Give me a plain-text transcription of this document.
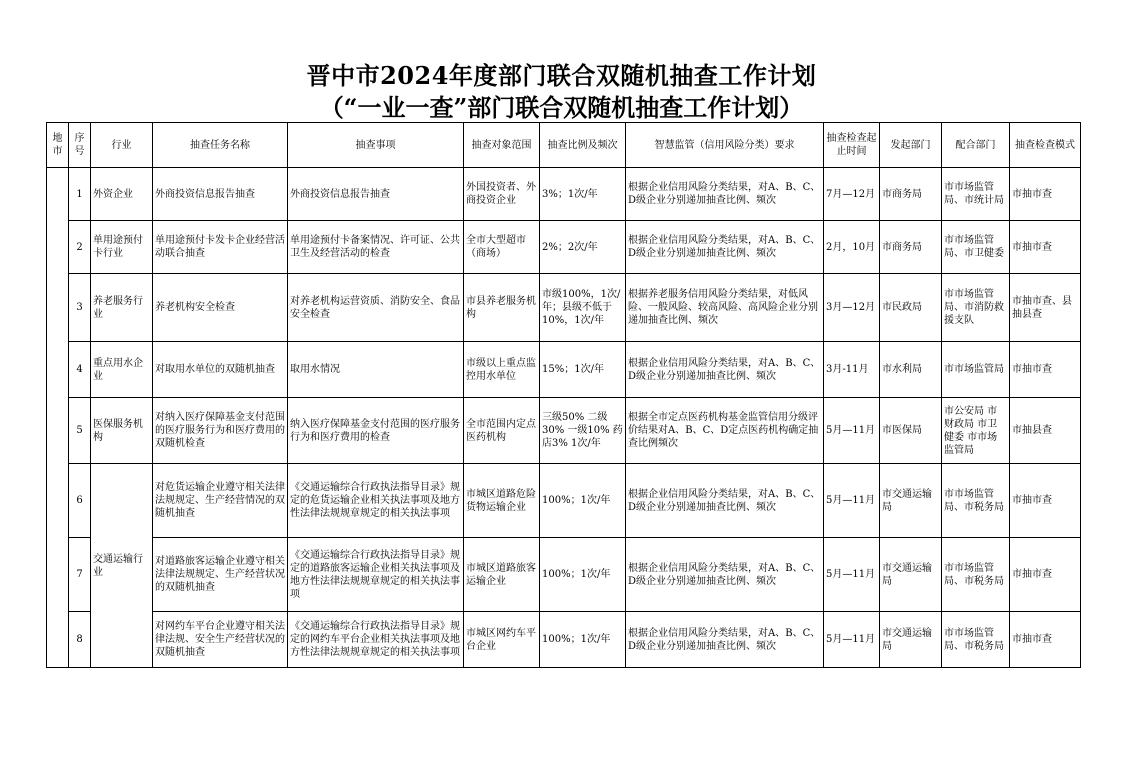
晋中市2024年度部门联合双随机抽查工作计划
（“一业一查”部门联合双随机抽查工作计划）
地市	序号	行业	抽查任务名称	抽查事项	抽查对象范围	抽查比例及频次	智慧监管（信用风险分类）要求	抽查检查起止时间	发起部门	配合部门	抽查检查模式
	1	外资企业	外商投资信息报告抽查	外商投资信息报告抽查	外国投资者、外商投资企业	3%；1次/年	根据企业信用风险分类结果，对A、B、C、D级企业分别递加抽查比例、频次	7月—12月	市商务局	市市场监管局、市统计局	市抽市查
	2	单用途预付卡行业	单用途预付卡发卡企业经营活动联合抽查	单用途预付卡备案情况、许可证、公共卫生及经营活动的检查	全市大型超市（商场）	2%；2次/年	根据企业信用风险分类结果，对A、B、C、D级企业分别递加抽查比例、频次	2月，10月	市商务局	市市场监管局、市卫健委	市抽市查
	3	养老服务行业	养老机构安全检查	对养老机构运营资质、消防安全、食品安全检查	市县养老服务机构	市级100%，1次/年；县级不低于10%，1次/年	根据养老服务信用风险分类结果，对低风险、一般风险、较高风险、高风险企业分别递加抽查比例、频次	3月—12月	市民政局	市市场监管局、市消防救援支队	市抽市查、县抽县查
	4	重点用水企业	对取用水单位的双随机抽查	取用水情况	市级以上重点监控用水单位	15%；1次/年	根据企业信用风险分类结果，对A、B、C、D级企业分别递加抽查比例、频次	3月-11月	市水利局	市市场监管局	市抽市查
	5	医保服务机构	对纳入医疗保障基金支付范围的医疗服务行为和医疗费用的双随机检查	纳入医疗保障基金支付范围的医疗服务行为和医疗费用的检查	全市范围内定点医药机构	三级50% 二级30% 一级10% 药店3% 1次/年	根据全市定点医药机构基金监管信用分级评价结果对A、B、C、D定点医药机构确定抽查比例频次	5月—11月	市医保局	市公安局 市财政局 市卫健委 市市场监管局	市抽县查
	6	交通运输行业	对危货运输企业遵守相关法律法规规定、生产经营情况的双随机抽查	《交通运输综合行政执法指导目录》规定的危货运输企业相关执法事项及地方性法律法规规章规定的相关执法事项	市城区道路危险货物运输企业	100%；1次/年	根据企业信用风险分类结果，对A、B、C、D级企业分别递加抽查比例、频次	5月—11月	市交通运输局	市市场监管局、市税务局	市抽市查
	7		对道路旅客运输企业遵守相关法律法规规定、生产经营状况的双随机抽查	《交通运输综合行政执法指导目录》规定的道路旅客运输企业相关执法事项及地方性法律法规规章规定的相关执法事项	市城区道路旅客运输企业	100%；1次/年	根据企业信用风险分类结果，对A、B、C、D级企业分别递加抽查比例、频次	5月—11月	市交通运输局	市市场监管局、市税务局	市抽市查
	8		对网约车平台企业遵守相关法律法规、安全生产经营状况的双随机抽查	《交通运输综合行政执法指导目录》规定的网约车平台企业相关执法事项及地方性法律法规规章规定的相关执法事项	市城区网约车平台企业	100%；1次/年	根据企业信用风险分类结果，对A、B、C、D级企业分别递加抽查比例、频次	5月—11月	市交通运输局	市市场监管局、市税务局	市抽市查
